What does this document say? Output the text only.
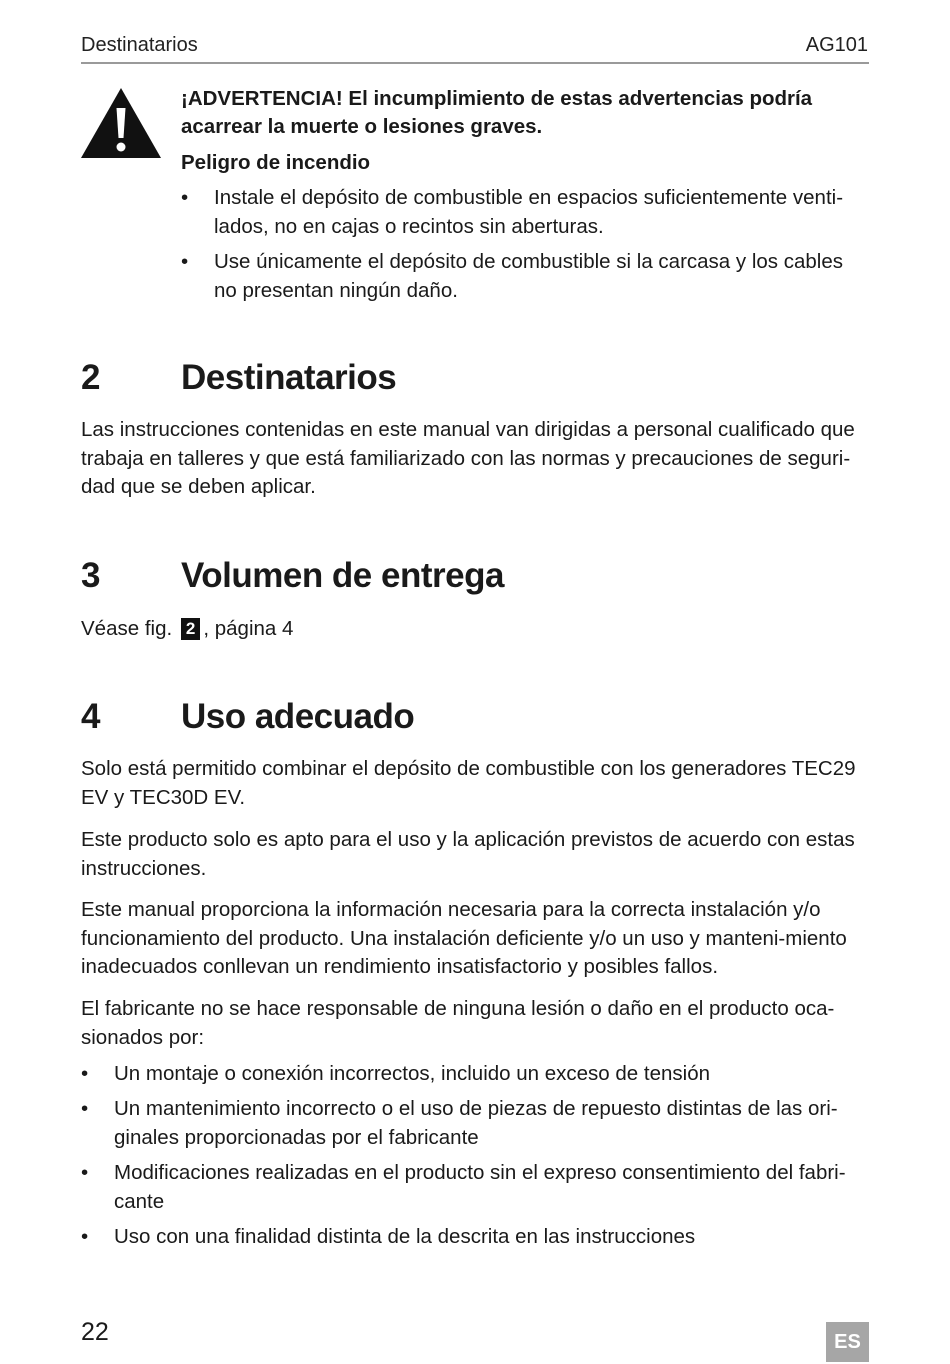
Destinatarios	AG101

¡ADVERTENCIA! El incumplimiento de estas advertencias podría acarrear la muerte o lesiones graves.

Peligro de incendio

• Instale el depósito de combustible en espacios suficientemente venti-lados, no en cajas o recintos sin aberturas.
• Use únicamente el depósito de combustible si la carcasa y los cables no presentan ningún daño.
2 Destinatarios

Las instrucciones contenidas en este manual van dirigidas a personal cualificado que trabaja en talleres y que está familiarizado con las normas y precauciones de seguri-dad que se deben aplicar.

3 Volumen de entrega
Véase fig. 2 , página 4
4 Uso adecuado

Solo está permitido combinar el depósito de combustible con los generadores TEC29 EV y TEC30D EV.

Este producto solo es apto para el uso y la aplicación previstos de acuerdo con estas instrucciones.

Este manual proporciona la información necesaria para la correcta instalación y/o funcionamiento del producto. Una instalación deficiente y/o un uso y manteni-miento inadecuados conllevan un rendimiento insatisfactorio y posibles fallos.

El fabricante no se hace responsable de ninguna lesión o daño en el producto oca-sionados por:

• Un montaje o conexión incorrectos, incluido un exceso de tensión
• Un mantenimiento incorrecto o el uso de piezas de repuesto distintas de las ori-ginales proporcionadas por el fabricante
• Modificaciones realizadas en el producto sin el expreso consentimiento del fabri-cante
• Uso con una finalidad distinta de la descrita en las instrucciones
22	ES
